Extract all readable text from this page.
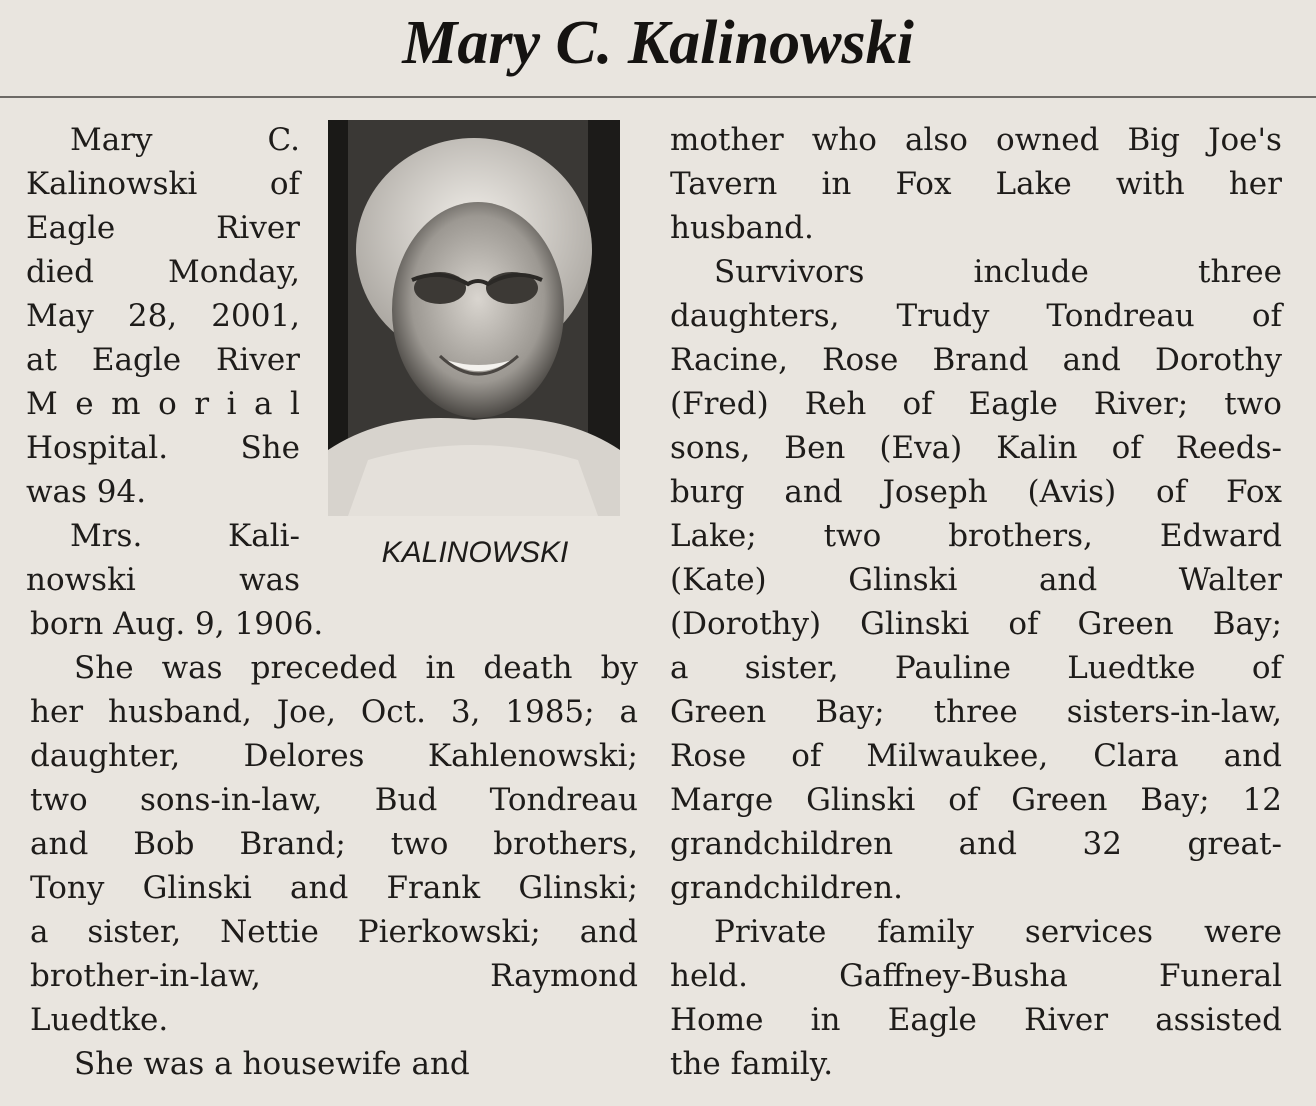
Mary C. Kalinowski
KALINOWSKI
Mary	C.
Kalinowski of
Eagle	River
died Monday,
May 28, 2001,
at Eagle River
M e m o r i a l
Hospital. She
was 94.
Mrs.	Kali-
nowski	was
born Aug. 9, 1906.
She was preceded in death by
her husband, Joe, Oct. 3, 1985; a
daughter, Delores Kahlenowski;
two sons-in-law, Bud Tondreau
and Bob Brand; two brothers,
Tony Glinski and Frank Glinski;
a sister, Nettie Pierkowski; and
brother-in-law,	Raymond
Luedtke.
She was a housewife and
mother who also owned Big Joe's
Tavern in Fox Lake with her
husband.
Survivors	include	three
daughters, Trudy Tondreau of
Racine, Rose Brand and Dorothy
(Fred) Reh of Eagle River; two
sons, Ben (Eva) Kalin of Reeds-
burg and Joseph (Avis) of Fox
Lake; two brothers, Edward
(Kate)	Glinski	and	Walter
(Dorothy) Glinski of Green Bay;
a sister, Pauline Luedtke of
Green Bay; three sisters-in-law,
Rose of Milwaukee, Clara and
Marge Glinski of Green Bay; 12
grandchildren and 32 great-
grandchildren.
Private family services were
held.	Gaffney-Busha	Funeral
Home in Eagle River assisted
the family.
